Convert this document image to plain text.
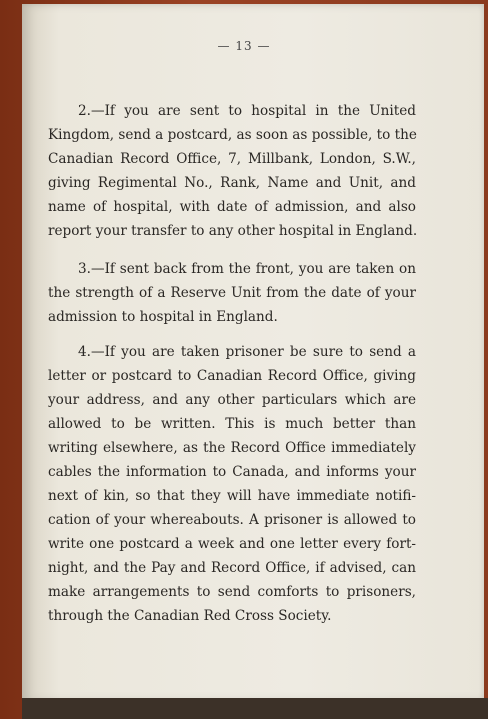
— 13 —
2.—If you are sent to hospital in the United
Kingdom, send a postcard, as soon as possible, to the
Canadian Record Office, 7, Millbank, London, S.W.,
giving Regimental No., Rank, Name and Unit, and
name of hospital, with date of admission, and also
report your transfer to any other hospital in England.
3.—If sent back from the front, you are taken on
the strength of a Reserve Unit from the date of your
admission to hospital in England.
4.—If you are taken prisoner be sure to send a
letter or postcard to Canadian Record Office, giving
your address, and any other particulars which are
allowed to be written. This is much better than
writing elsewhere, as the Record Office immediately
cables the information to Canada, and informs your
next of kin, so that they will have immediate notifi-
cation of your whereabouts. A prisoner is allowed to
write one postcard a week and one letter every fort-
night, and the Pay and Record Office, if advised, can
make arrangements to send comforts to prisoners,
through the Canadian Red Cross Society.
